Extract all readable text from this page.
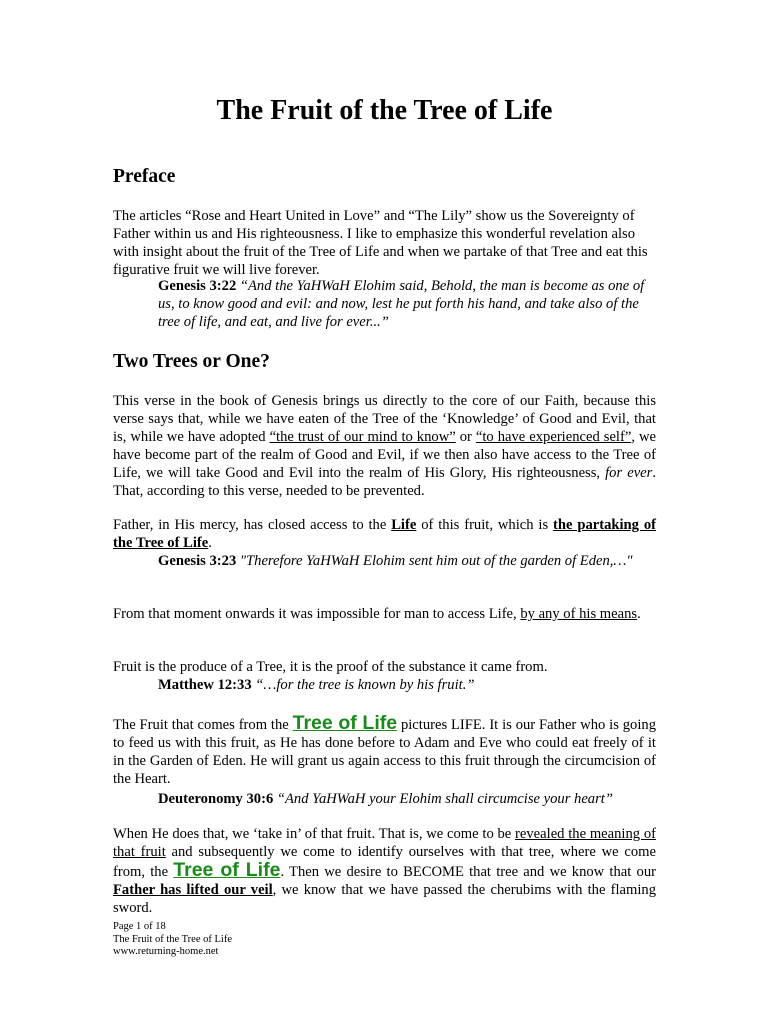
The Fruit of the Tree of Life
Preface

The articles “Rose and Heart United in Love” and “The Lily” show us the Sovereignty of Father within us and His righteousness. I like to emphasize this wonderful revelation also with insight about the fruit of the Tree of Life and when we partake of that Tree and eat this figurative fruit we will live forever.

Genesis 3:22 “And the YaHWaH Elohim said, Behold, the man is become as one of us, to know good and evil: and now, lest he put forth his hand, and take also of the tree of life, and eat, and live for ever...”

Two Trees or One?

This verse in the book of Genesis brings us directly to the core of our Faith, because this verse says that, while we have eaten of the Tree of the ‘Knowledge’ of Good and Evil, that is, while we have adopted “the trust of our mind to know” or “to have experienced self”, we have become part of the realm of Good and Evil, if we then also have access to the Tree of Life, we will take Good and Evil into the realm of His Glory, His righteousness, for ever. That, according to this verse, needed to be prevented.

Father, in His mercy, has closed access to the Life of this fruit, which is the partaking of the Tree of Life.

Genesis 3:23 "Therefore YaHWaH Elohim sent him out of the garden of Eden,…"

From that moment onwards it was impossible for man to access Life, by any of his means.

Fruit is the produce of a Tree, it is the proof of the substance it came from.

Matthew 12:33 “…for the tree is known by his fruit.”

The Fruit that comes from the Tree of Life pictures LIFE. It is our Father who is going to feed us with this fruit, as He has done before to Adam and Eve who could eat freely of it in the Garden of Eden. He will grant us again access to this fruit through the circumcision of the Heart.

Deuteronomy 30:6 “And YaHWaH your Elohim shall circumcise your heart”

When He does that, we ‘take in’ of that fruit. That is, we come to be revealed the meaning of that fruit and subsequently we come to identify ourselves with that tree, where we come from, the Tree of Life. Then we desire to BECOME that tree and we know that our Father has lifted our veil, we know that we have passed the cherubims with the flaming sword.

Page 1 of 18
The Fruit of the Tree of Life
www.returning-home.net
